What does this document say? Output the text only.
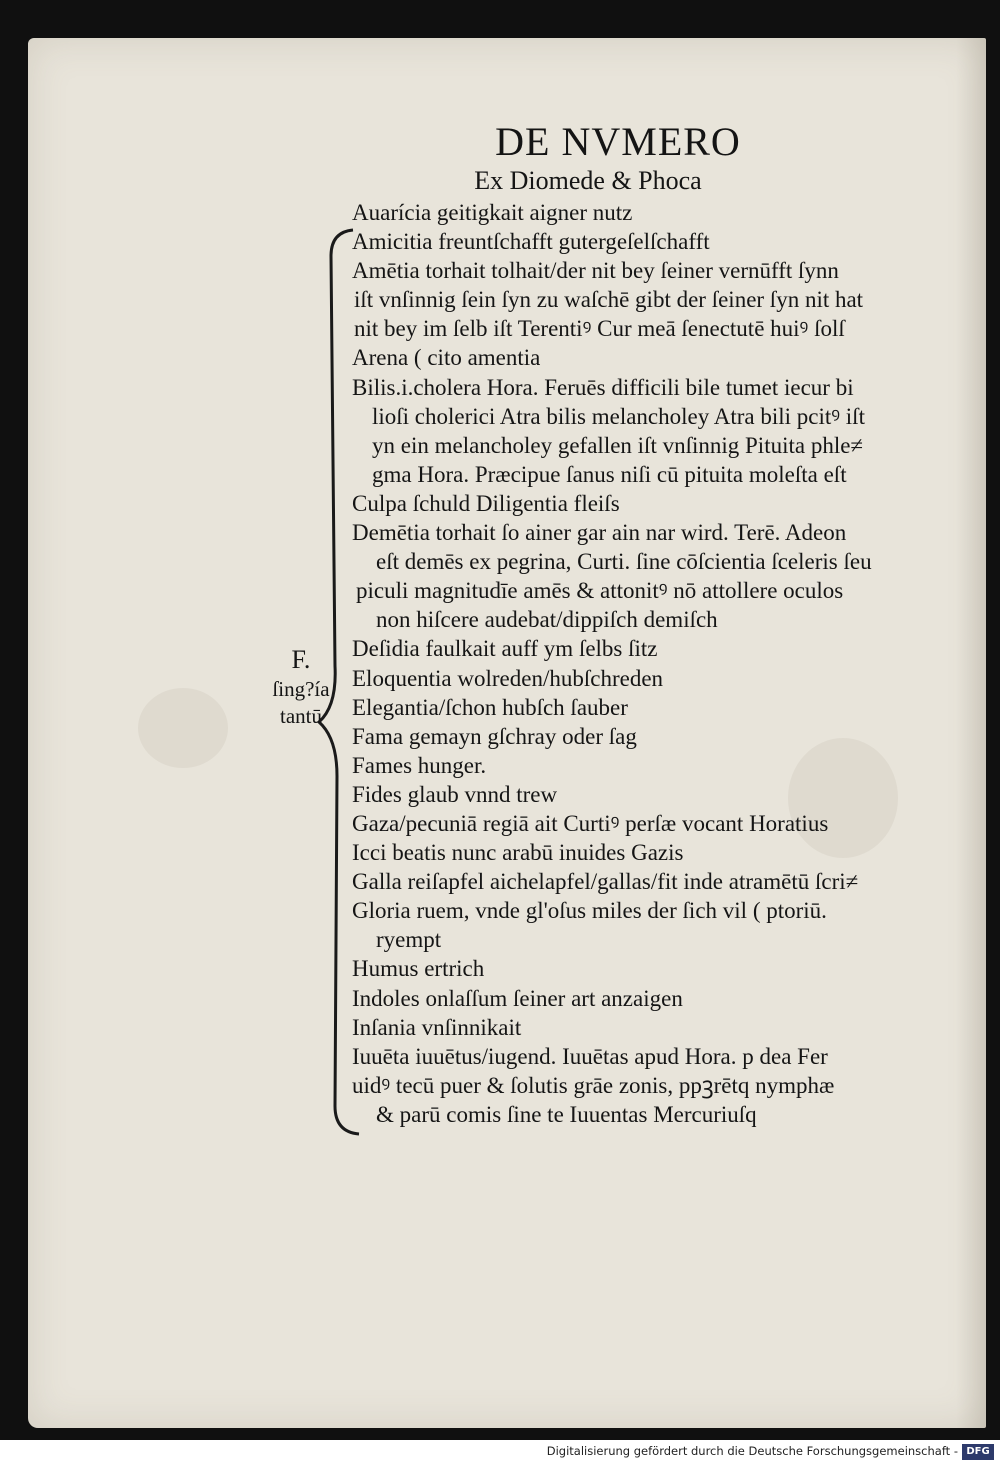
DE NVMERO
Ex Diomede & Phoca
F.
ſing?ía
tantū
Auarícia geitigkait aigner nutz
Amicitia freuntſchafft gutergeſelſchafft
Amētia torhait tolhait/der nit bey ſeiner vernūfft ſynn
iſt vnſinnig ſein ſyn zu waſchē gibt der ſeiner ſyn nit hat
nit bey im ſelb iſt Terentiꝰ Cur meā ſenectutē huiꝰ ſolſ
Arena ( cito amentia
Bilis.i.cholera Hora. Feruēs difficili bile tumet iecur bi
lioſi cholerici Atra bilis melancholey Atra bili pcitꝰ iſt
yn ein melancholey gefallen iſt vnſinnig Pituita phle≠
gma Hora. Præcipue ſanus niſi cū pituita moleſta eſt
Culpa ſchuld Diligentia fleiſs
Demētia torhait ſo ainer gar ain nar wird. Terē. Adeon
eſt demēs ex pegrina, Curti. ſine cōſcientia ſceleris ſeu
piculi magnitudīe amēs & attonitꝰ nō attollere oculos
non hiſcere audebat/dippiſch demiſch
Deſidia faulkait auff ym ſelbs ſitz
Eloquentia wolreden/hubſchreden
Elegantia/ſchon hubſch ſauber
Fama gemayn gſchray oder ſag
Fames hunger.
Fides glaub vnnd trew
Gaza/pecuniā regiā ait Curtiꝰ perſæ vocant Horatius
Icci beatis nunc arabū inuides Gazis
Galla reiſapfel aichelapfel/gallas/fit inde atramētū ſcri≠
Gloria ruem, vnde gl'oſus miles der ſich vil ( ptoriū.
ryempt
Humus ertrich
Indoles onlaſſum ſeiner art anzaigen
Inſania vnſinnikait
Iuuēta iuuētus/iugend. Iuuētas apud Hora. p dea Fer
uidꝰ tecū puer & ſolutis grāe zonis, ppꝫrētq nymphæ
& parū comis ſine te Iuuentas Mercuriuſq
Digitalisierung gefördert durch die Deutsche Forschungsgemeinschaft - DFG
